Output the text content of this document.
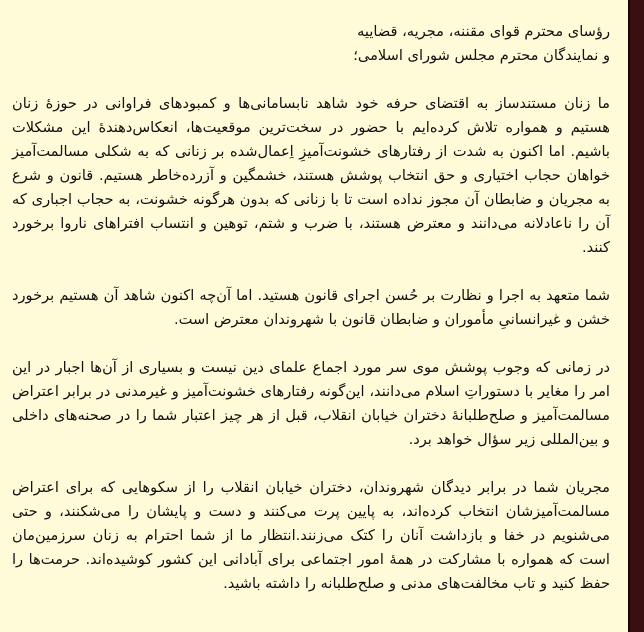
رؤسای محترم قوای مقننه، مجریه، قضاییه
و نمایندگان محترم مجلس شورای اسلامی؛

ما زنان مستندساز به اقتضای حرفه خود شاهد نابسامانی‌ها و کمبودهای فراوانی در حوزهٔ زنان هستیم و همواره تلاش کرده‌ایم با حضور در سخت‌ترین موقعیت‌ها، انعکاس‌دهندهٔ این مشکلات باشیم. اما اکنون به شدت از رفتارهای خشونت‌آمیزِ اِعمال‌شده بر زنانی که به شکلی مسالمت‌آمیز خواهان حجاب اختیاری و حق انتخاب پوشش هستند، خشمگین و آزرده‌خاطر هستیم. قانون و شرع به مجریان و ضابطان آن مجوز نداده است تا با زنانی که بدون هرگونه خشونت، به حجاب اجباری که آن را ناعادلانه می‌دانند و معترض هستند، با ضرب و شتم، توهین و انتساب افترا‌های ناروا برخورد کنند.

شما متعهد به اجرا و نظارت بر حُسن اجرای قانون هستید. اما آن‌چه اکنون شاهد آن هستیم برخورد خشن و غیرانسانیِ مأموران و ضابطان قانون با شهروندان معترض است.

در زمانی که وجوب پوشش موی سر مورد اجماع علمای دین نیست و بسیاری از آن‌ها اجبار در این امر را مغایر با دستوراتِ اسلام می‌دانند، این‌گونه رفتارهای خشونت‌آمیز و غیرمدنی در برابر اعتراض مسالمت‌آمیز و صلح‌طلبانهٔ دختران خیابان انقلاب، قبل از هر چیز اعتبار شما را در صحنه‌های داخلی و بین‌المللی زیر سؤال خواهد برد.

مجریان شما در برابر دیدگان شهروندان، دختران خیابان انقلاب را از سکوهایی که برای اعتراض مسالمت‌آمیزشان انتخاب کرده‌اند، به پایین پرت می‌کنند و دست و پایشان را می‌شکنند، و حتی می‌شنویم در خفا و بازداشت آنان را کتک می‌زنند.انتظار ما از شما احترام به زنان سرزمین‌مان است که همواره با مشارکت در همهٔ امور اجتماعی برای آبادانی این کشور کوشیده‌اند. حرمت‌ها را حفظ کنید و تاب مخالفت‌های مدنی و صلح‌طلبانه را داشته باشید.
